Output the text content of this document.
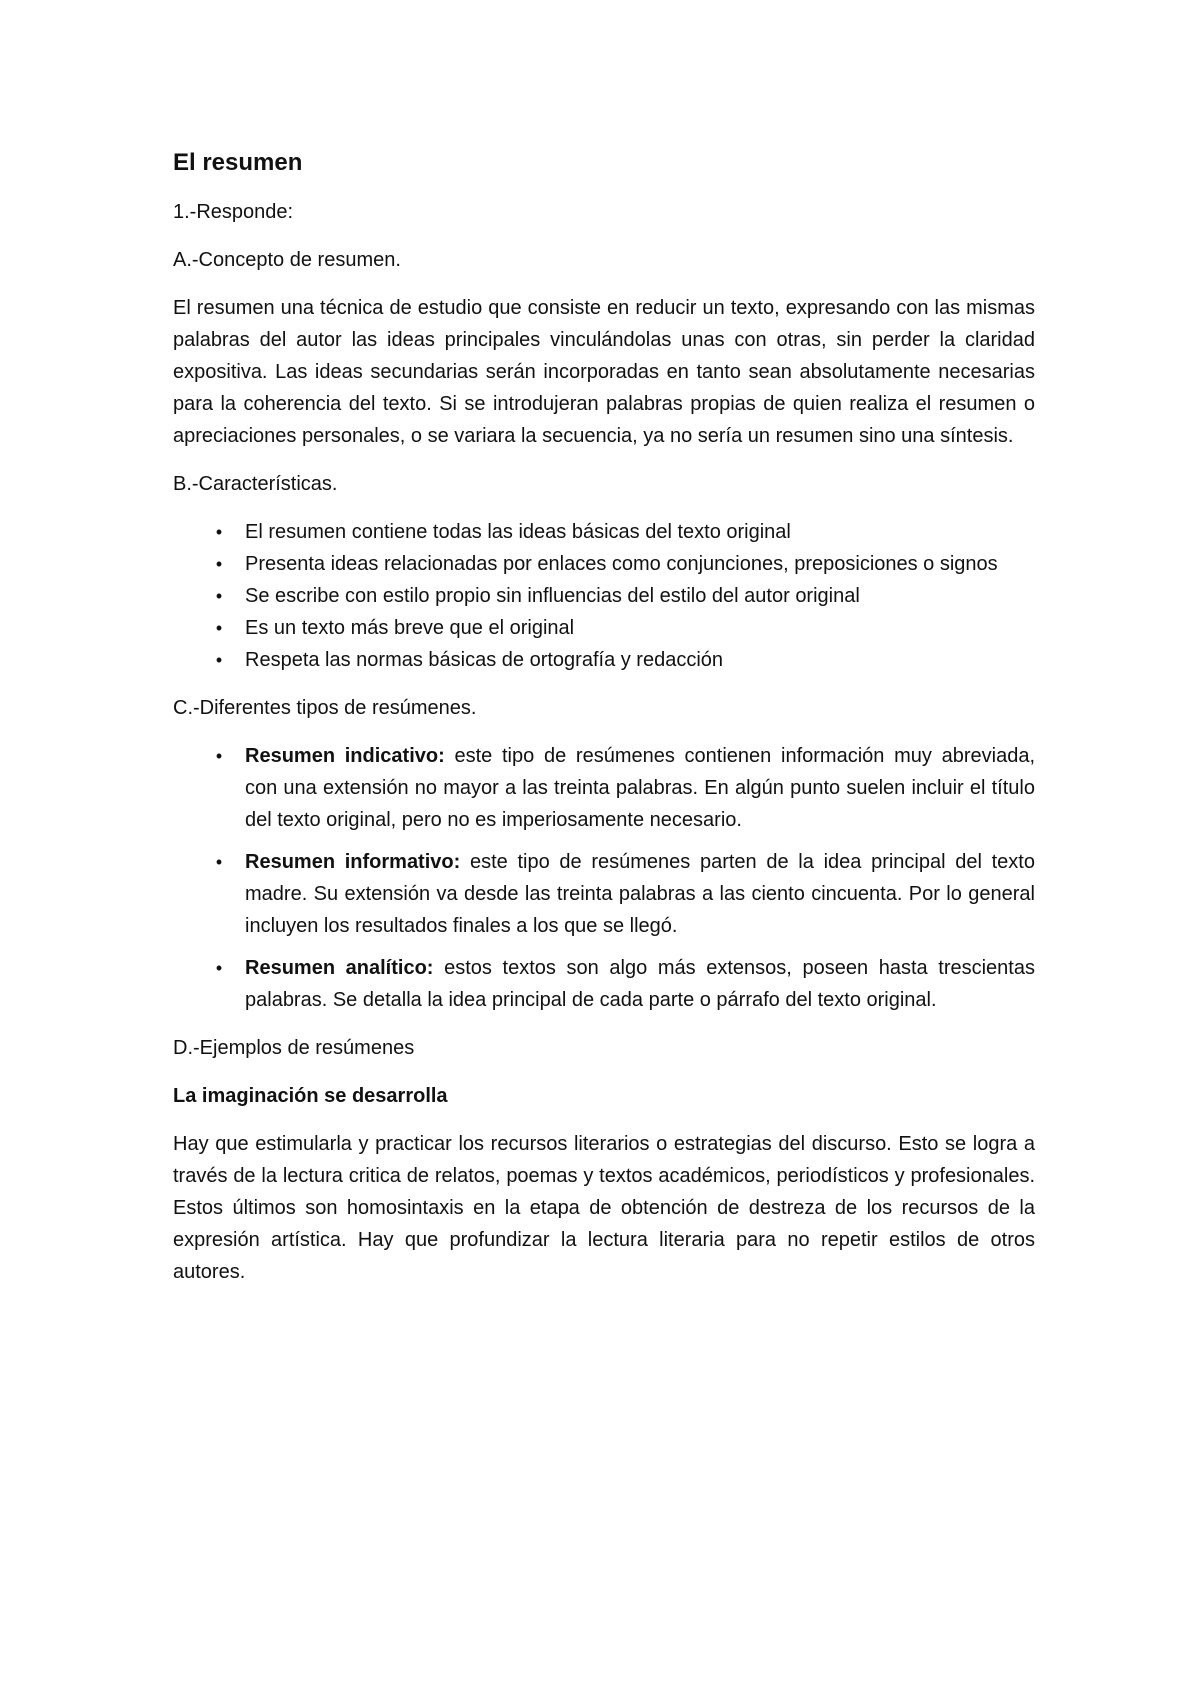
El resumen

1.-Responde:

A.-Concepto de resumen.

El resumen una técnica de estudio que consiste en reducir un texto, expresando con las mismas palabras del autor las ideas principales vinculándolas unas con otras, sin perder la claridad expositiva. Las ideas secundarias serán incorporadas en tanto sean absolutamente necesarias para la coherencia del texto. Si se introdujeran palabras propias de quien realiza el resumen o apreciaciones personales, o se variara la secuencia, ya no sería un resumen sino una síntesis.

B.-Características.

•	El resumen contiene todas las ideas básicas del texto original
•	Presenta ideas relacionadas por enlaces como conjunciones, preposiciones o signos
•	Se escribe con estilo propio sin influencias del estilo del autor original
•	Es un texto más breve que el original
•	Respeta las normas básicas de ortografía y redacción

C.-Diferentes tipos de resúmenes.

•	Resumen indicativo: este tipo de resúmenes contienen información muy abreviada, con una extensión no mayor a las treinta palabras. En algún punto suelen incluir el título del texto original, pero no es imperiosamente necesario.
•	Resumen informativo: este tipo de resúmenes parten de la idea principal del texto madre. Su extensión va desde las treinta palabras a las ciento cincuenta. Por lo general incluyen los resultados finales a los que se llegó.
•	Resumen analítico: estos textos son algo más extensos, poseen hasta trescientas palabras. Se detalla la idea principal de cada parte o párrafo del texto original.

D.-Ejemplos de resúmenes

La imaginación se desarrolla

Hay que estimularla y practicar los recursos literarios o estrategias del discurso. Esto se logra a través de la lectura critica de relatos, poemas y textos académicos, periodísticos y profesionales. Estos últimos son homosintaxis en la etapa de obtención de destreza de los recursos de la expresión artística. Hay que profundizar la lectura literaria para no repetir estilos de otros autores.
